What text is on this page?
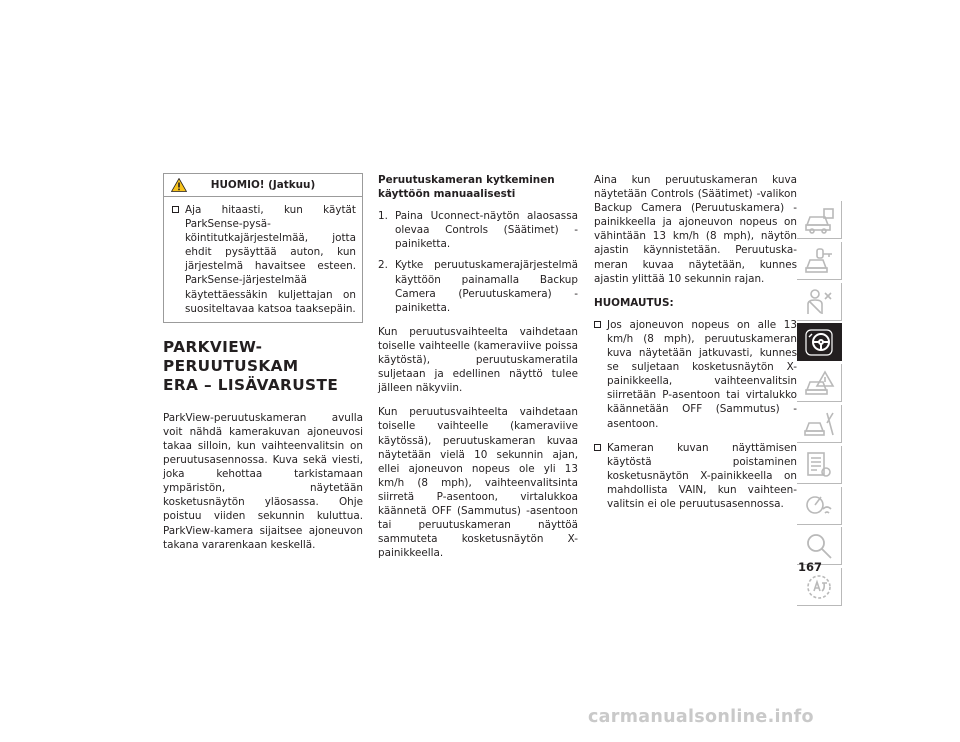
HUOMIO! (Jatkuu)
Aja hitaasti, kun käytät ParkSense-pysäköintitutkajärjestelmää, jotta ehdit pysäyttää auton, kun järjestelmä havaitsee esteen. ParkSense-järjestelmää käytettäessäkin kuljettajan on suositeltavaa katsoa taaksepäin.
PARKVIEW-PERUUTUSKAM
ERA – LISÄVARUSTE

ParkView-peruutuskameran avulla voit nähdä kamerakuvan ajoneuvosi takaa silloin, kun vaihteenvalitsin on peruutusasennossa. Kuva sekä viesti, joka kehottaa tarkistamaan ympäristön, näytetään kosketusnäytön yläosassa. Ohje poistuu viiden sekunnin kuluttua. ParkView-kamera sijaitsee ajoneuvon takana vararenkaan keskellä.

Peruutuskameran kytkeminen käyttöön manuaalisesti
1. Paina Uconnect-näytön alaosassa olevaa Controls (Säätimet) -painiketta.
2. Kytke peruutuskamerajärjestelmä käyttöön painamalla Backup Camera (Peruutuskamera) -painiketta.

Kun peruutusvaihteelta vaihdetaan toiselle vaihteelle (kameraviive poissa käytöstä), peruutuskameratila suljetaan ja edellinen näyttö tulee jälleen näkyviin.

Kun peruutusvaihteelta vaihdetaan toiselle vaihteelle (kameraviive käytössä), peruutuskameran kuvaa näytetään vielä 10 sekunnin ajan, ellei ajoneuvon nopeus ole yli 13 km/h (8 mph), vaihteenvalitsinta siirretä P-asentoon, virtalukkoa käännetä OFF (Sammutus) -asentoon tai peruutuskameran näyttöä sammuteta kosketusnäytön X-painikkeella.

Aina kun peruutuskameran kuva näytetään Controls (Säätimet) -valikon Backup Camera (Peruutuskamera) -painikkeella ja ajoneuvon nopeus on vähintään 13 km/h (8 mph), näytön ajastin käynnistetään. Peruutuskameran kuvaa näytetään, kunnes ajastin ylittää 10 sekunnin rajan.

HUOMAUTUS:
Jos ajoneuvon nopeus on alle 13 km/h (8 mph), peruutuskameran kuva näytetään jatkuvasti, kunnes se suljetaan kosketusnäytön X-painikkeella, vaihteenvalitsin siirretään P-asentoon tai virtalukko käännetään OFF (Sammutus) -asentoon.
Kameran kuvan näyttämisen käytöstä poistaminen kosketusnäytön X-painikkeella on mahdollista VAIN, kun vaihteenvalitsin ei ole peruutusasennossa.
167
carmanualsonline.info
